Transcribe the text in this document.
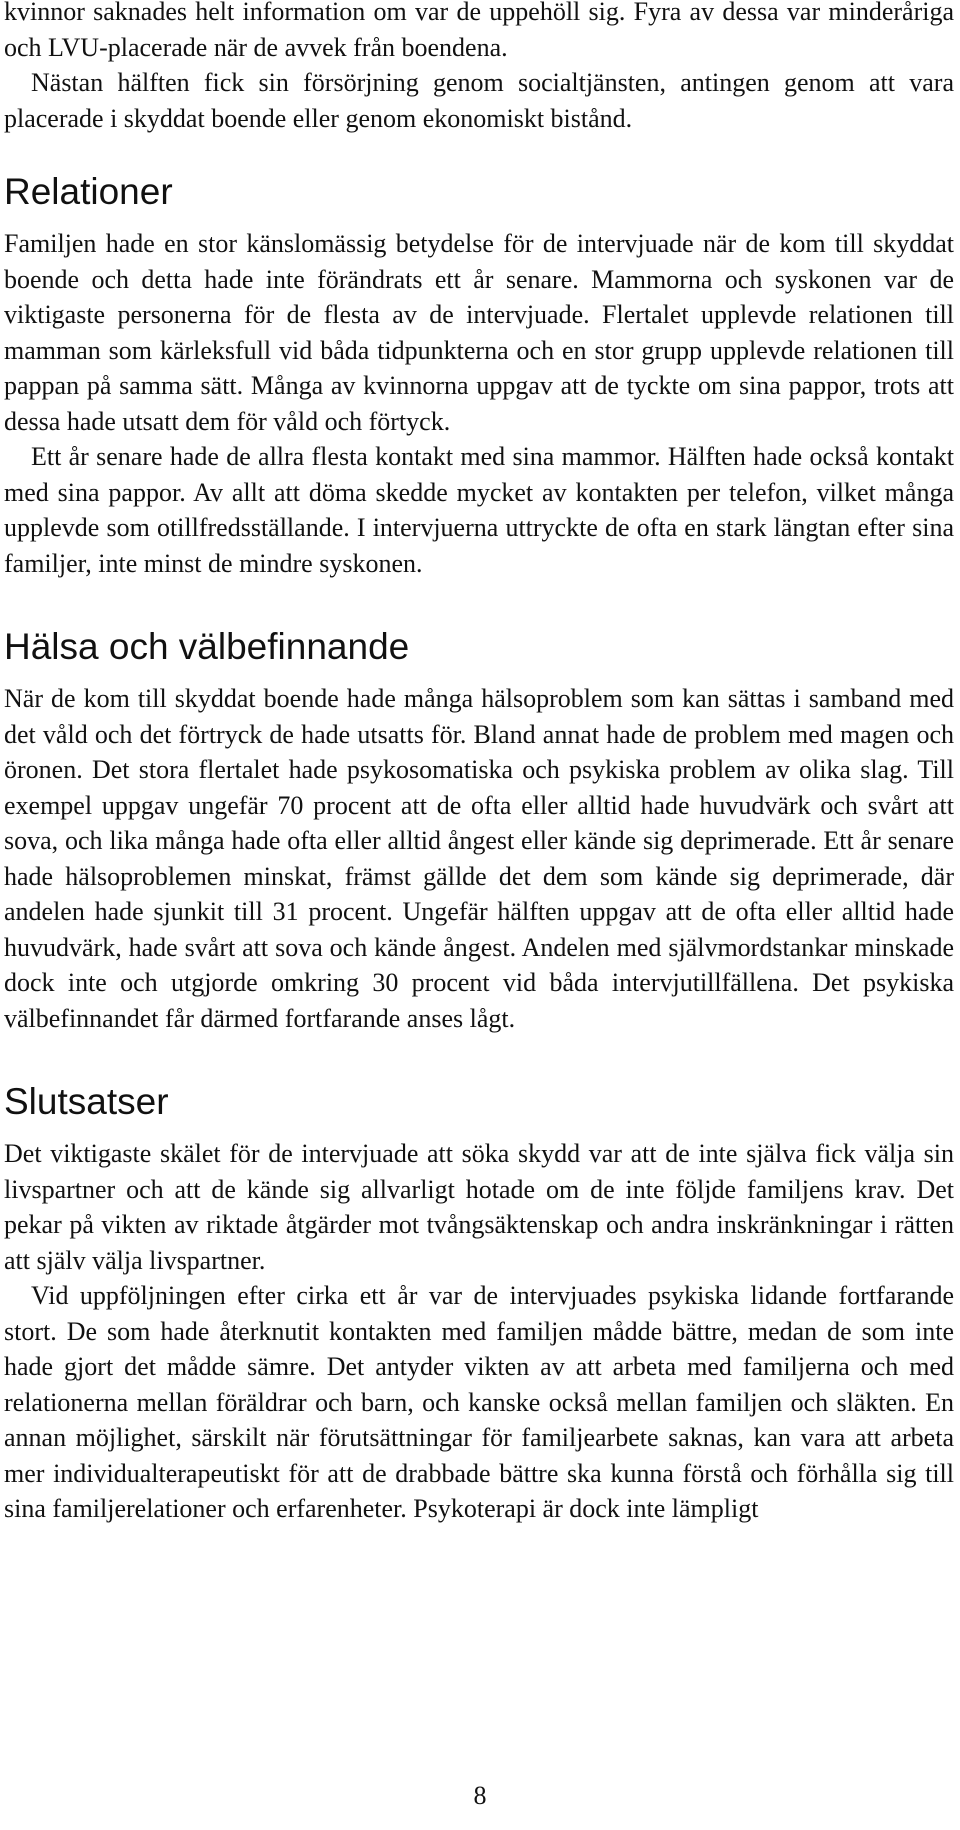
kvinnor saknades helt information om var de uppehöll sig. Fyra av dessa var minderåriga och LVU-placerade när de avvek från boendena.

Nästan hälften fick sin försörjning genom socialtjänsten, antingen genom att vara placerade i skyddat boende eller genom ekonomiskt bistånd.

Relationer

Familjen hade en stor känslomässig betydelse för de intervjuade när de kom till skyddat boende och detta hade inte förändrats ett år senare. Mammorna och syskonen var de viktigaste personerna för de flesta av de intervjuade. Flertalet upplevde relationen till mamman som kärleksfull vid båda tidpunkterna och en stor grupp upplevde relationen till pappan på samma sätt. Många av kvinnorna uppgav att de tyckte om sina pappor, trots att dessa hade utsatt dem för våld och förtyck.

Ett år senare hade de allra flesta kontakt med sina mammor. Hälften hade också kontakt med sina pappor. Av allt att döma skedde mycket av kontakten per telefon, vilket många upplevde som otillfredsställande. I intervjuerna uttryckte de ofta en stark längtan efter sina familjer, inte minst de mindre syskonen.

Hälsa och välbefinnande

När de kom till skyddat boende hade många hälsoproblem som kan sättas i samband med det våld och det förtryck de hade utsatts för. Bland annat hade de problem med magen och öronen. Det stora flertalet hade psykosomatiska och psykiska problem av olika slag. Till exempel uppgav ungefär 70 procent att de ofta eller alltid hade huvudvärk och svårt att sova, och lika många hade ofta eller alltid ångest eller kände sig deprimerade. Ett år senare hade hälsoproblemen minskat, främst gällde det dem som kände sig deprimerade, där andelen hade sjunkit till 31 procent. Ungefär hälften uppgav att de ofta eller alltid hade huvudvärk, hade svårt att sova och kände ångest. Andelen med självmordstankar minskade dock inte och utgjorde omkring 30 procent vid båda intervjutillfällena. Det psykiska välbefinnandet får därmed fortfarande anses lågt.

Slutsatser

Det viktigaste skälet för de intervjuade att söka skydd var att de inte själva fick välja sin livspartner och att de kände sig allvarligt hotade om de inte följde familjens krav. Det pekar på vikten av riktade åtgärder mot tvångsäktenskap och andra inskränkningar i rätten att själv välja livspartner.

Vid uppföljningen efter cirka ett år var de intervjuades psykiska lidande fortfarande stort. De som hade återknutit kontakten med familjen mådde bättre, medan de som inte hade gjort det mådde sämre. Det antyder vikten av att arbeta med familjerna och med relationerna mellan föräldrar och barn, och kanske också mellan familjen och släkten. En annan möjlighet, särskilt när förutsättningar för familjearbete saknas, kan vara att arbeta mer individualterapeutiskt för att de drabbade bättre ska kunna förstå och förhålla sig till sina familjerelationer och erfarenheter. Psykoterapi är dock inte lämpligt

8
